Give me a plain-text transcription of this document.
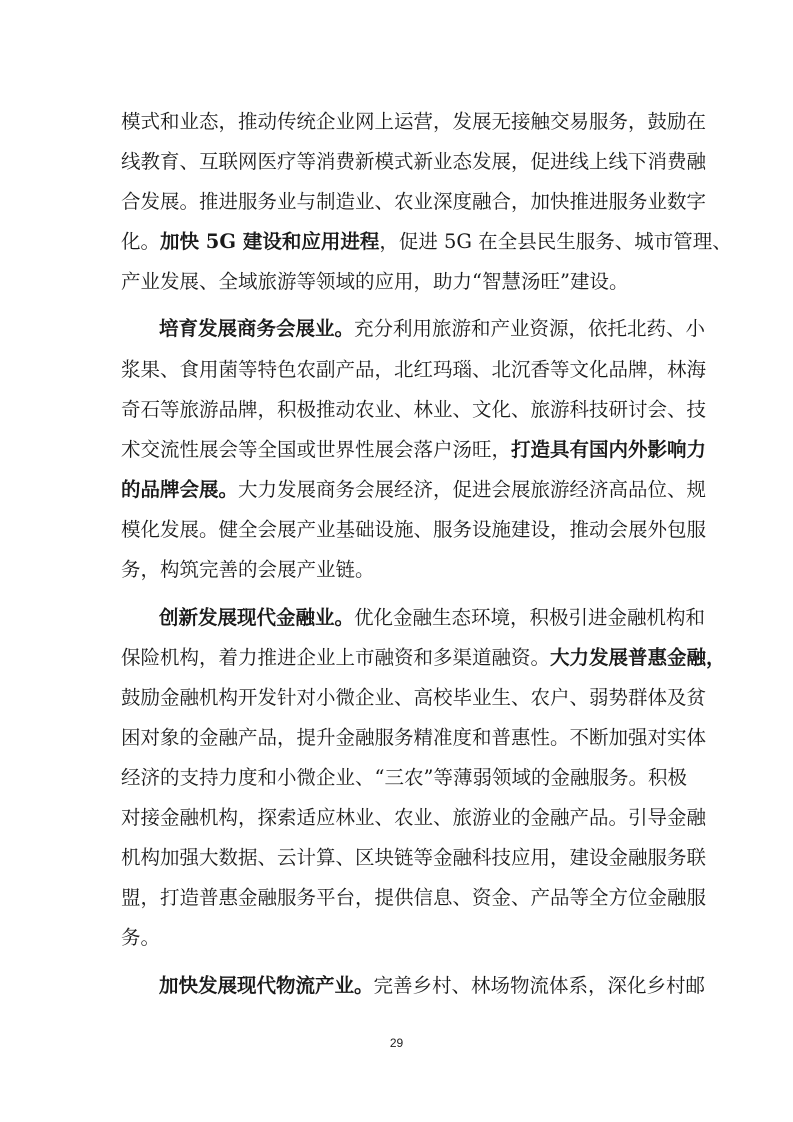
模式和业态，推动传统企业网上运营，发展无接触交易服务，鼓励在
线教育、互联网医疗等消费新模式新业态发展，促进线上线下消费融
合发展。推进服务业与制造业、农业深度融合，加快推进服务业数字
化。加快 5G 建设和应用进程，促进 5G 在全县民生服务、城市管理、
产业发展、全域旅游等领域的应用，助力“智慧汤旺”建设。
培育发展商务会展业。充分利用旅游和产业资源，依托北药、小
浆果、食用菌等特色农副产品，北红玛瑙、北沉香等文化品牌，林海
奇石等旅游品牌，积极推动农业、林业、文化、旅游科技研讨会、技
术交流性展会等全国或世界性展会落户汤旺，打造具有国内外影响力
的品牌会展。大力发展商务会展经济，促进会展旅游经济高品位、规
模化发展。健全会展产业基础设施、服务设施建设，推动会展外包服
务，构筑完善的会展产业链。
创新发展现代金融业。优化金融生态环境，积极引进金融机构和
保险机构，着力推进企业上市融资和多渠道融资。大力发展普惠金融，
鼓励金融机构开发针对小微企业、高校毕业生、农户、弱势群体及贫
困对象的金融产品，提升金融服务精准度和普惠性。不断加强对实体
经济的支持力度和小微企业、“三农”等薄弱领域的金融服务。积极
对接金融机构，探索适应林业、农业、旅游业的金融产品。引导金融
机构加强大数据、云计算、区块链等金融科技应用，建设金融服务联
盟，打造普惠金融服务平台，提供信息、资金、产品等全方位金融服
务。
加快发展现代物流产业。完善乡村、林场物流体系，深化乡村邮
29
